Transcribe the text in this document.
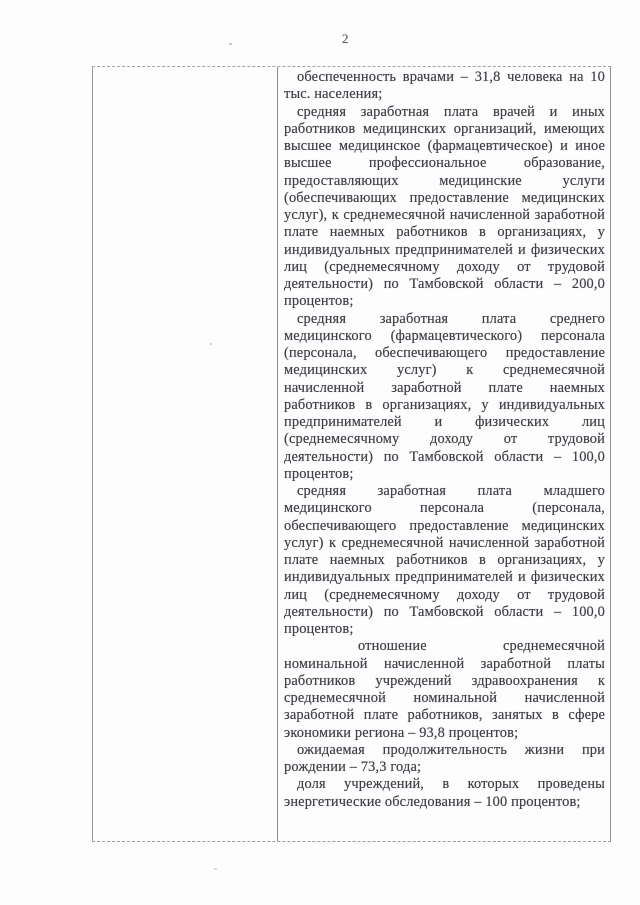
2

обеспеченность врачами – 31,8 человека на 10 тыс. населения;

средняя заработная плата врачей и иных работников медицинских организаций, имеющих высшее медицинское (фармацевтическое) и иное высшее профессиональное образование, предоставляющих медицинские услуги (обеспечивающих предоставление медицинских услуг), к среднемесячной начисленной заработной плате наемных работников в организациях, у индивидуальных предпринимателей и физических лиц (среднемесячному доходу от трудовой деятельности) по Тамбовской области – 200,0 процентов;

средняя заработная плата среднего медицинского (фармацевтического) персонала (персонала, обеспечивающего предоставление медицинских услуг) к среднемесячной начисленной заработной плате наемных работников в организациях, у индивидуальных предпринимателей и физических лиц (среднемесячному доходу от трудовой деятельности) по Тамбовской области – 100,0 процентов;

средняя заработная плата младшего медицинского персонала (персонала, обеспечивающего предоставление медицинских услуг) к среднемесячной начисленной заработной плате наемных работников в организациях, у индивидуальных предпринимателей и физических лиц (среднемесячному доходу от трудовой деятельности) по Тамбовской области – 100,0 процентов;

отношение среднемесячной номинальной начисленной заработной платы работников учреждений здравоохранения к среднемесячной номинальной начисленной заработной плате работников, занятых в сфере экономики региона – 93,8 процентов;

ожидаемая продолжительность жизни при рождении – 73,3 года;

доля учреждений, в которых проведены энергетические обследования – 100 процентов;
